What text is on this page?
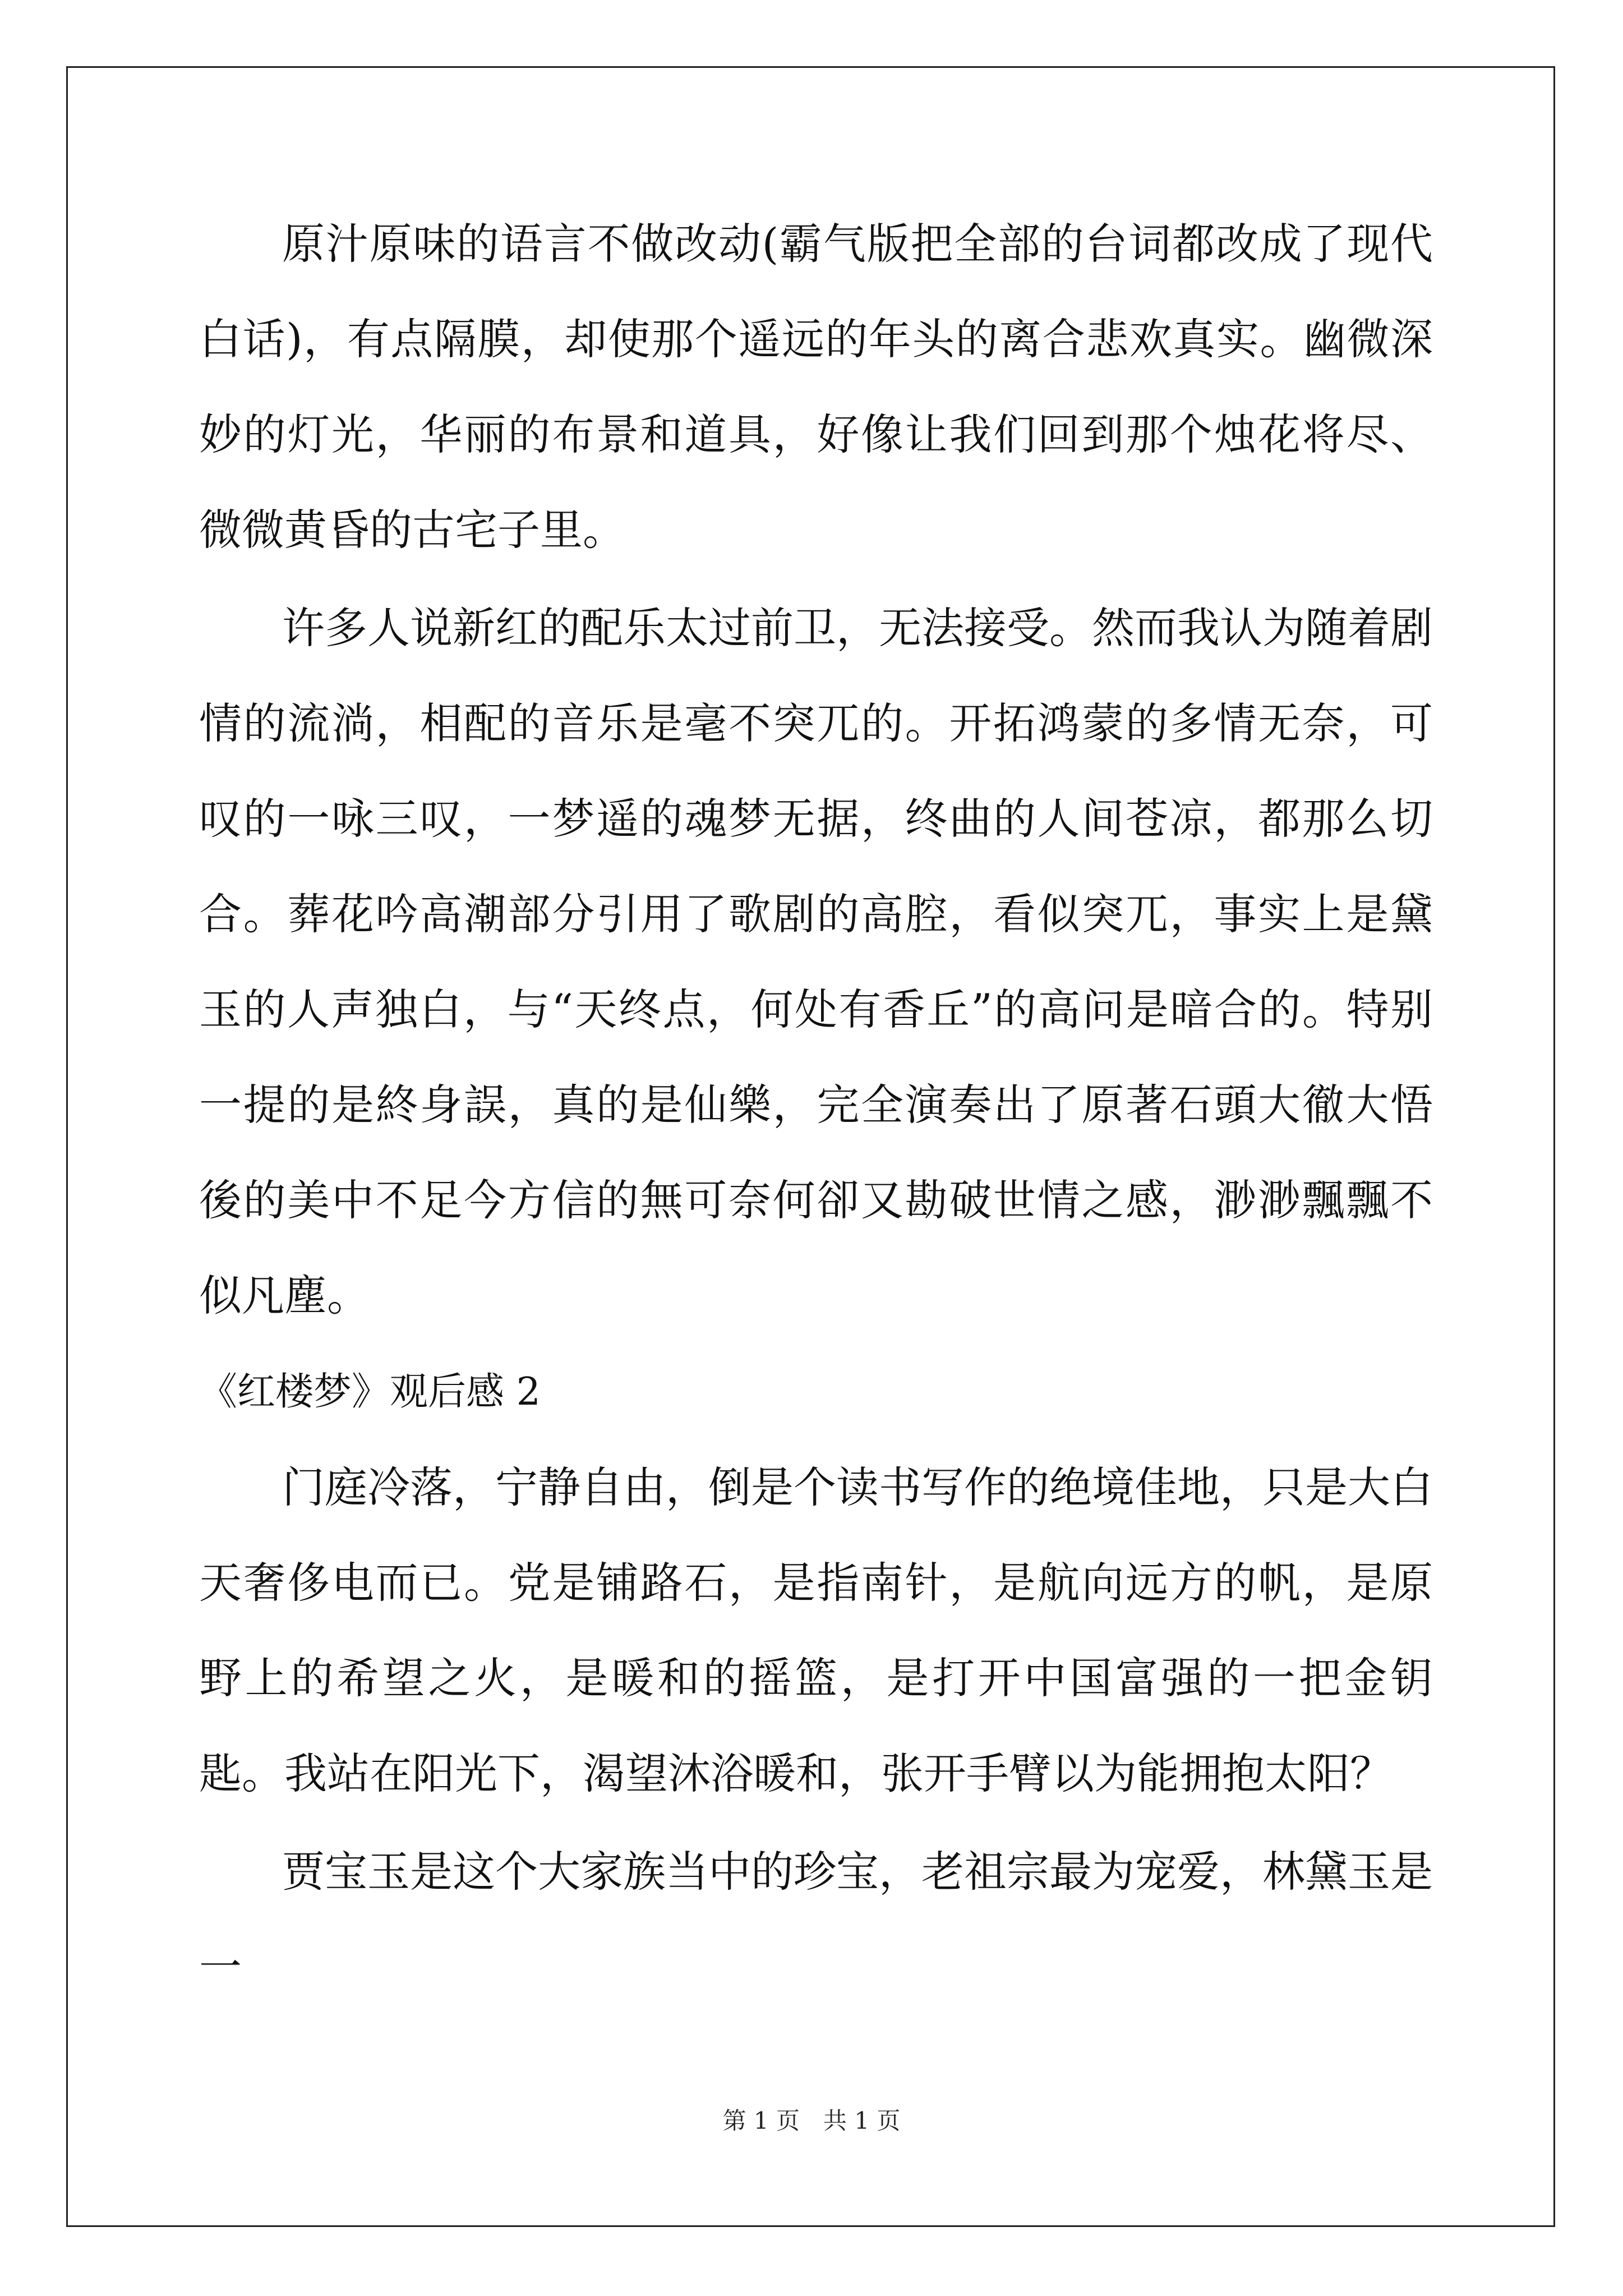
原汁原味的语言不做改动(霸气版把全部的台词都改成了现代白话)，有点隔膜，却使那个遥远的年头的离合悲欢真实。幽微深妙的灯光，华丽的布景和道具，好像让我们回到那个烛花将尽、微微黄昏的古宅子里。

许多人说新红的配乐太过前卫，无法接受。然而我认为随着剧情的流淌，相配的音乐是毫不突兀的。开拓鸿蒙的多情无奈，可叹的一咏三叹，一梦遥的魂梦无据，终曲的人间苍凉，都那么切合。葬花吟高潮部分引用了歌剧的高腔，看似突兀，事实上是黛玉的人声独白，与“天终点，何处有香丘”的高问是暗合的。特别一提的是終身誤，真的是仙樂，完全演奏出了原著石頭大徹大悟後的美中不足今方信的無可奈何卻又勘破世情之感，渺渺飄飄不似凡塵。

《红楼梦》观后感 2

门庭冷落，宁静自由，倒是个读书写作的绝境佳地，只是大白天奢侈电而已。党是铺路石，是指南针，是航向远方的帆，是原野上的希望之火，是暖和的摇篮，是打开中国富强的一把金钥匙。我站在阳光下，渴望沐浴暖和，张开手臂以为能拥抱太阳？

贾宝玉是这个大家族当中的珍宝，老祖宗最为宠爱，林黛玉是一

第 1 页　共 1 页
